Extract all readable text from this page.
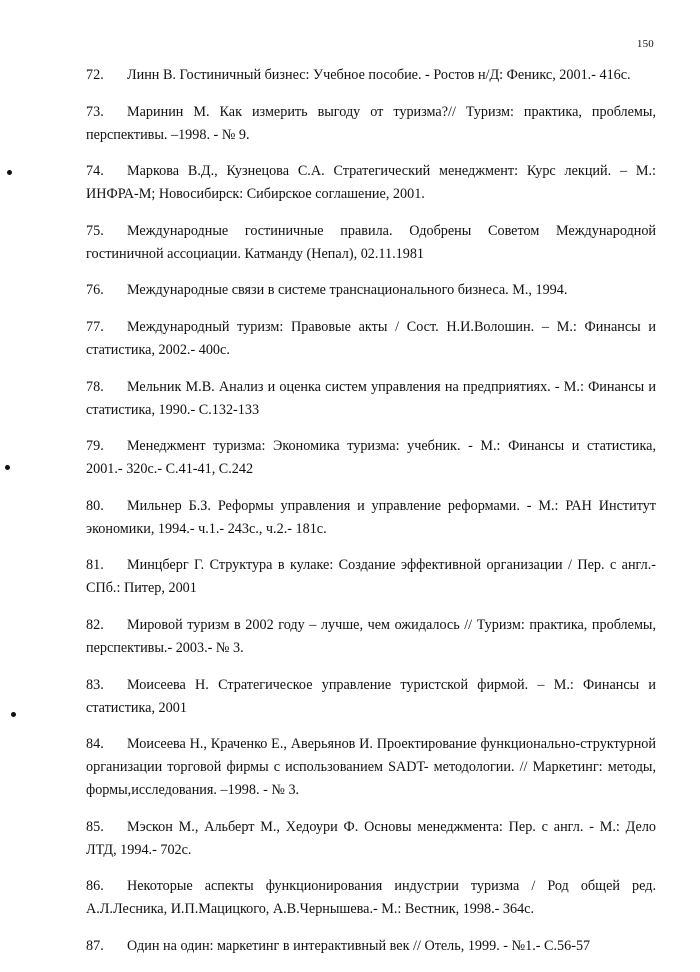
150
72.	Линн В. Гостиничный бизнес: Учебное пособие. - Ростов н/Д: Феникс, 2001.- 416с.
73.	Маринин М. Как измерить выгоду от туризма?// Туризм: практика, проблемы, перспективы. –1998. - № 9.
74.	Маркова В.Д., Кузнецова С.А. Стратегический менеджмент: Курс лекций. – М.: ИНФРА-М; Новосибирск: Сибирское соглашение, 2001.
75.	Международные гостиничные правила. Одобрены Советом Международной гостиничной ассоциации. Катманду (Непал), 02.11.1981
76.	Международные связи в системе транснационального бизнеса. М., 1994.
77.	Международный туризм: Правовые акты / Сост. Н.И.Волошин. – М.: Финансы и статистика, 2002.- 400с.
78.	Мельник М.В. Анализ и оценка систем управления на предприятиях. - М.: Финансы и статистика, 1990.- С.132-133
79.	Менеджмент туризма: Экономика туризма: учебник. - М.: Финансы и статистика, 2001.- 320с.- С.41-41, С.242
80.	Мильнер Б.З. Реформы управления и управление реформами. - М.: РАН Институт экономики, 1994.- ч.1.- 243с., ч.2.- 181с.
81.	Минцберг Г. Структура в кулаке: Создание эффективной организации / Пер. с англ.- СПб.: Питер, 2001
82.	Мировой туризм в 2002 году – лучше, чем ожидалось // Туризм: практика, проблемы, перспективы.- 2003.- № 3.
83.	Моисеева Н. Стратегическое управление туристской фирмой. – М.: Финансы и статистика, 2001
84.	Моисеева Н., Краченко Е., Аверьянов И. Проектирование функционально-структурной организации торговой фирмы с использованием SADT- методологии. // Маркетинг: методы, формы,исследования. –1998. - № 3.
85.	Мэскон М., Альберт М., Хедоури Ф. Основы менеджмента: Пер. с англ. - М.: Дело ЛТД, 1994.- 702с.
86.	Некоторые аспекты функционирования индустрии туризма / Род общей ред. А.Л.Лесника, И.П.Мацицкого, А.В.Чернышева.- М.: Вестник, 1998.- 364с.
87.	Один на один: маркетинг в интерактивный век // Отель, 1999. - №1.- С.56-57
